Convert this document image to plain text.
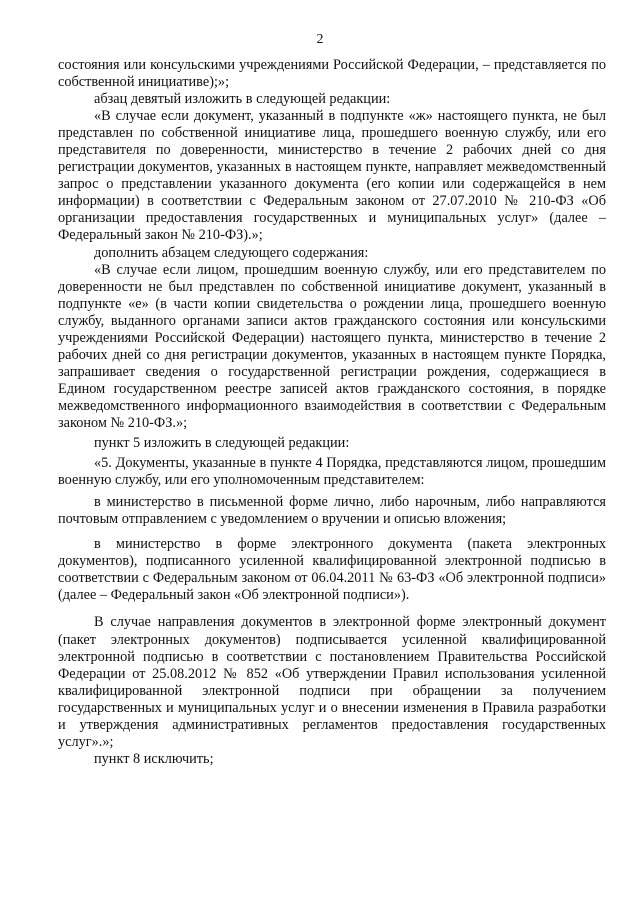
2

состояния или консульскими учреждениями Российской Федерации, – представляется по собственной инициативе);»;

абзац девятый изложить в следующей редакции:

«В случае если документ, указанный в подпункте «ж» настоящего пункта, не был представлен по собственной инициативе лица, прошедшего военную службу, или его представителя по доверенности, министерство в течение 2 рабочих дней со дня регистрации документов, указанных в настоящем пункте, направляет межведомственный запрос о представлении указанного документа (его копии или содержащейся в нем информации) в соответствии с Федеральным законом от 27.07.2010 № 210-ФЗ «Об организации предоставления государственных и муниципальных услуг» (далее – Федеральный закон № 210-ФЗ).»;

дополнить абзацем следующего содержания:

«В случае если лицом, прошедшим военную службу, или его представителем по доверенности не был представлен по собственной инициативе документ, указанный в подпункте «е» (в части копии свидетельства о рождении лица, прошедшего военную службу, выданного органами записи актов гражданского состояния или консульскими учреждениями Российской Федерации) настоящего пункта, министерство в течение 2 рабочих дней со дня регистрации документов, указанных в настоящем пункте Порядка, запрашивает сведения о государственной регистрации рождения, содержащиеся в Едином государственном реестре записей актов гражданского состояния, в порядке межведомственного информационного взаимодействия в соответствии с Федеральным законом № 210-ФЗ.»;

пункт 5 изложить в следующей редакции:

«5. Документы, указанные в пункте 4 Порядка, представляются лицом, прошедшим военную службу, или его уполномоченным представителем:

в министерство в письменной форме лично, либо нарочным, либо направляются почтовым отправлением с уведомлением о вручении и описью вложения;

в министерство в форме электронного документа (пакета электронных документов), подписанного усиленной квалифицированной электронной подписью в соответствии с Федеральным законом от 06.04.2011 № 63-ФЗ «Об электронной подписи» (далее – Федеральный закон «Об электронной подписи»).

В случае направления документов в электронной форме электронный документ (пакет электронных документов) подписывается усиленной квалифицированной электронной подписью в соответствии с постановлением Правительства Российской Федерации от 25.08.2012 № 852 «Об утверждении Правил использования усиленной квалифицированной электронной подписи при обращении за получением государственных и муниципальных услуг и о внесении изменения в Правила разработки и утверждения административных регламентов предоставления государственных услуг».»;

пункт 8 исключить;
